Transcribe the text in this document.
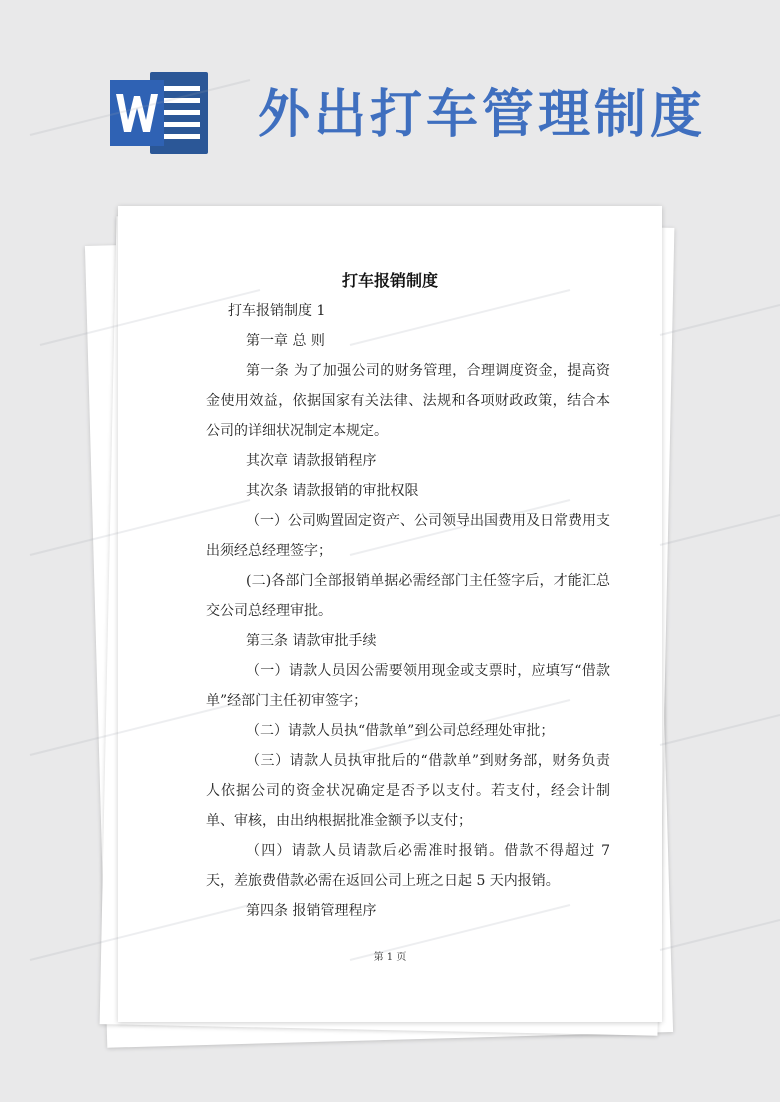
外出打车管理制度
打车报销制度
打车报销制度 1
第一章 总 则
第一条 为了加强公司的财务管理，合理调度资金，提高资金使用效益，依据国家有关法律、法规和各项财政政策，结合本公司的详细状况制定本规定。
其次章 请款报销程序
其次条 请款报销的审批权限
（一）公司购置固定资产、公司领导出国费用及日常费用支出须经总经理签字；
(二)各部门全部报销单据必需经部门主任签字后，才能汇总交公司总经理审批。
第三条 请款审批手续
（一）请款人员因公需要领用现金或支票时，应填写“借款单”经部门主任初审签字；
（二）请款人员执“借款单”到公司总经理处审批；
（三）请款人员执审批后的“借款单”到财务部，财务负责人依据公司的资金状况确定是否予以支付。若支付，经会计制单、审核，由出纳根据批准金额予以支付；
（四）请款人员请款后必需准时报销。借款不得超过 7 天，差旅费借款必需在返回公司上班之日起 5 天内报销。
第四条 报销管理程序
第 1 页
